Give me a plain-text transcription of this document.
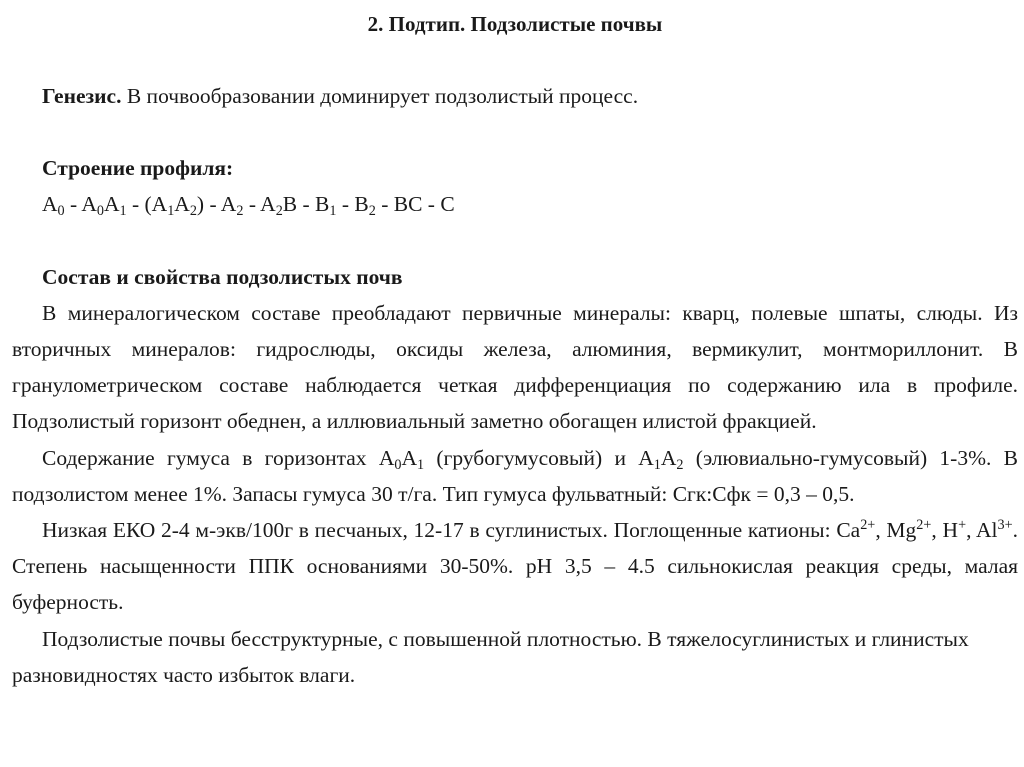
2. Подтип. Подзолистые почвы

Генезис. В почвообразовании доминирует подзолистый процесс.

Строение профиля:

$A_0 - A_0A_1 - (A_1A_2) - A_2 - A_2B - B_1 - B_2$ - BC - C

Состав и свойства подзолистых почв

В минералогическом составе преобладают первичные минералы: кварц, полевые шпаты, слюды. Из вторичных минералов: гидрослюды, оксиды железа, алюминия, вермикулит, монтмориллонит. В гранулометрическом составе наблюдается четкая дифференциация по содержанию ила в профиле. Подзолистый горизонт обеднен, а иллювиальный заметно обогащен илистой фракцией.

Содержание гумуса в горизонтах $A_0A_1$ (грубогумусовый) и $A_1A_2$ (элювиально-гумусовый) 1-3%. В подзолистом менее 1%. Запасы гумуса 30 т/га. Тип гумуса фульватный: Сгк:Сфк = 0,3 – 0,5.

Низкая ЕКО 2-4 м-экв/100г в песчаных, 12-17 в суглинистых. Поглощенные катионы: $Ca^{2+}$, $Mg^{2+}$, H+, $Al^{3+}$. Степень насыщенности ППК основаниями 30-50%. pH 3,5 – 4.5 сильнокислая реакция среды, малая буферность.

Подзолистые почвы бесструктурные, с повышенной плотностью. В тяжелосуглинистых и глинистых разновидностях часто избыток влаги.
